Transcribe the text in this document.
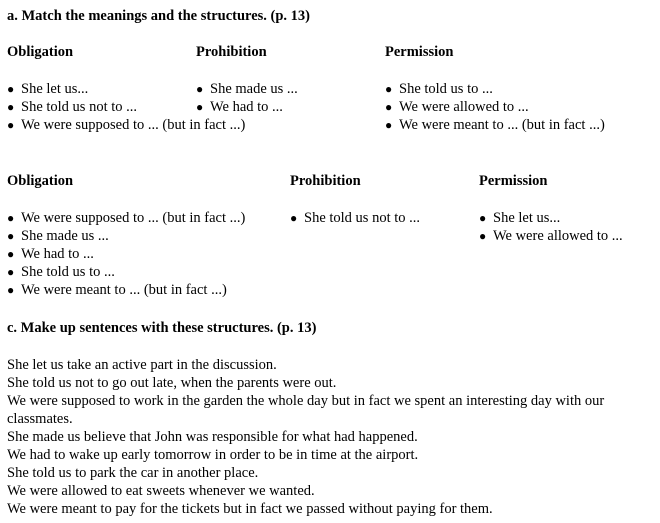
a. Match the meanings and the structures. (p. 13)
Obligation
● She let us...
● She told us not to ...
● We were supposed to ... (but in fact ...)
Prohibition
● She made us ...
● We had to ...
Permission
● She told us to ...
● We were allowed to ...
● We were meant to ... (but in fact ...)
Obligation
● We were supposed to ... (but in fact ...)
● She made us ...
● We had to ...
● She told us to ...
● We were meant to ... (but in fact ...)
Prohibition
● She told us not to ...
Permission
● She let us...
● We were allowed to ...
c. Make up sentences with these structures. (p. 13)

She let us take an active part in the discussion.

She told us not to go out late, when the parents were out.

We were supposed to work in the garden the whole day but in fact we spent an interesting day with our classmates.

She made us believe that John was responsible for what had happened.

We had to wake up early tomorrow in order to be in time at the airport.

She told us to park the car in another place.

We were allowed to eat sweets whenever we wanted.

We were meant to pay for the tickets but in fact we passed without paying for them.
